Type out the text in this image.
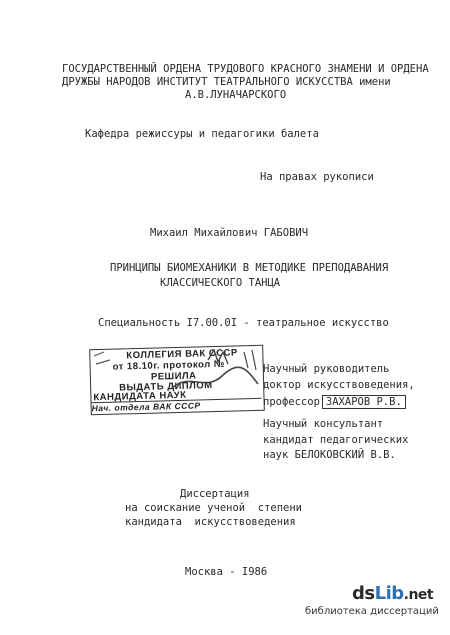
ГОСУДАРСТВЕННЫЙ ОРДЕНА ТРУДОВОГО КРАСНОГО ЗНАМЕНИ И ОРДЕНА
ДРУЖБЫ НАРОДОВ ИНСТИТУТ ТЕАТРАЛЬНОГО ИСКУССТВА имени
А.В.ЛУНАЧАРСКОГО
Кафедра режиссуры и педагогики балета
На правах рукописи
Михаил Михайлович ГАБОВИЧ
ПРИНЦИПЫ БИОМЕХАНИКИ В МЕТОДИКЕ ПРЕПОДАВАНИЯ
КЛАССИЧЕСКОГО ТАНЦА
Специальность I7.00.0I - театральное искусство
КОЛЛЕГИЯ ВАК СССР
от 18.10г. протокол №
РЕШИЛА
ВЫДАТЬ ДИПЛОМ
КАНДИДАТА НАУК
Нач. отдела ВАК СССР
Научный руководитель
доктор искусствоведения,
профессор ЗАХАРОВ Р.В.
Научный консультант
кандидат педагогических
наук БЕЛОКОВСКИЙ В.В.
Диссертация
на соискание ученой  степени
кандидата  искусствоведения
Москва - I986
dsLib.net
библиотека диссертаций
